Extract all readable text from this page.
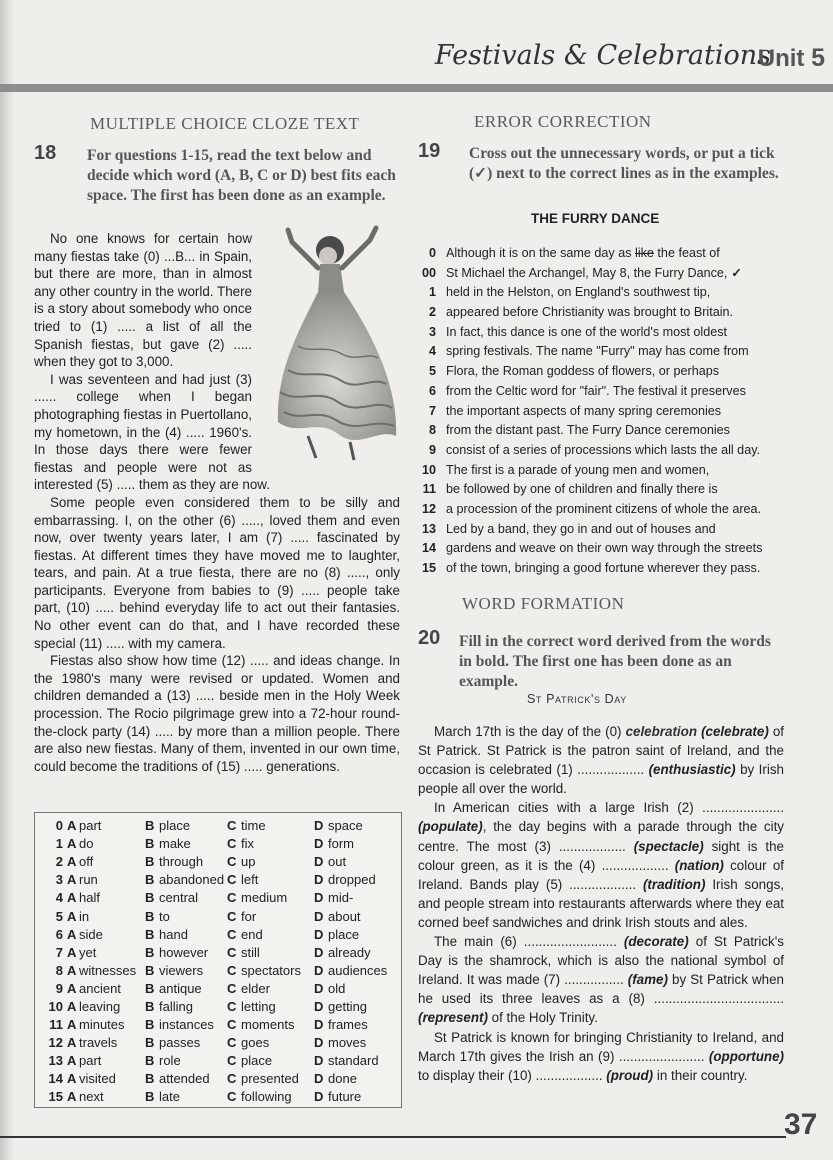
Festivals & Celebrations
Unit 5
MULTIPLE CHOICE CLOZE TEXT
18 For questions 1-15, read the text below and decide which word (A, B, C or D) best fits each space. The first has been done as an example.

No one knows for certain how many fiestas take (0) ...B... in Spain, but there are more, than in almost any other country in the world. There is a story about somebody who once tried to (1) ..... a list of all the Spanish fiestas, but gave (2) ..... when they got to 3,000.

I was seventeen and had just (3) ...... college when I began photographing fiestas in Puertollano, my hometown, in the (4) ..... 1960's. In those days there were fewer fiestas and people were not as interested (5) ..... them as they are now.

Some people even considered them to be silly and embarrassing. I, on the other (6) ....., loved them and even now, over twenty years later, I am (7) ..... fascinated by fiestas. At different times they have moved me to laughter, tears, and pain. At a true fiesta, there are no (8) ....., only participants. Everyone from babies to (9) ..... people take part, (10) ..... behind everyday life to act out their fantasies. No other event can do that, and I have recorded these special (11) ..... with my camera.

Fiestas also show how time (12) ..... and ideas change. In the 1980's many were revised or updated. Women and children demanded a (13) ..... beside men in the Holy Week procession. The Rocio pilgrimage grew into a 72-hour round-the-clock party (14) ..... by more than a million people. There are also new fiestas. Many of them, invented in our own time, could become the traditions of (15) ..... generations.

0	A	part	B	place	C	time	D	space
1	A	do	B	make	C	fix	D	form
2	A	off	B	through	C	up	D	out
3	A	run	B	abandoned	C	left	D	dropped
4	A	half	B	central	C	medium	D	mid-
5	A	in	B	to	C	for	D	about
6	A	side	B	hand	C	end	D	place
7	A	yet	B	however	C	still	D	already
8	A	witnesses	B	viewers	C	spectators	D	audiences
9	A	ancient	B	antique	C	elder	D	old
10	A	leaving	B	falling	C	letting	D	getting
11	A	minutes	B	instances	C	moments	D	frames
12	A	travels	B	passes	C	goes	D	moves
13	A	part	B	role	C	place	D	standard
14	A	visited	B	attended	C	presented	D	done
15	A	next	B	late	C	following	D	future
ERROR CORRECTION
19 Cross out the unnecessary words, or put a tick (✓) next to the correct lines as in the examples.
THE FURRY DANCE
0 Although it is on the same day as like the feast of
00 St Michael the Archangel, May 8, the Furry Dance, ✓
1 held in the Helston, on England's southwest tip,
2 appeared before Christianity was brought to Britain.
3 In fact, this dance is one of the world's most oldest
4 spring festivals. The name "Furry" may has come from
5 Flora, the Roman goddess of flowers, or perhaps
6 from the Celtic word for "fair". The festival it preserves
7 the important aspects of many spring ceremonies
8 from the distant past. The Furry Dance ceremonies
9 consist of a series of processions which lasts the all day.
10 The first is a parade of young men and women,
11 be followed by one of children and finally there is
12 a procession of the prominent citizens of whole the area.
13 Led by a band, they go in and out of houses and
14 gardens and weave on their own way through the streets
15 of the town, bringing a good fortune wherever they pass.
WORD FORMATION
20 Fill in the correct word derived from the words in bold. The first one has been done as an example.
St Patrick's Day

March 17th is the day of the (0) celebration (celebrate) of St Patrick. St Patrick is the patron saint of Ireland, and the occasion is celebrated (1) .................. (enthusiastic) by Irish people all over the world.

In American cities with a large Irish (2) ...................... (populate), the day begins with a parade through the city centre. The most (3) .................. (spectacle) sight is the colour green, as it is the (4) .................. (nation) colour of Ireland. Bands play (5) .................. (tradition) Irish songs, and people stream into restaurants afterwards where they eat corned beef sandwiches and drink Irish stouts and ales.

The main (6) ......................... (decorate) of St Patrick's Day is the shamrock, which is also the national symbol of Ireland. It was made (7) ................ (fame) by St Patrick when he used its three leaves as a (8) ................................... (represent) of the Holy Trinity.

St Patrick is known for bringing Christianity to Ireland, and March 17th gives the Irish an (9) ....................... (opportune) to display their (10) .................. (proud) in their country.

37
